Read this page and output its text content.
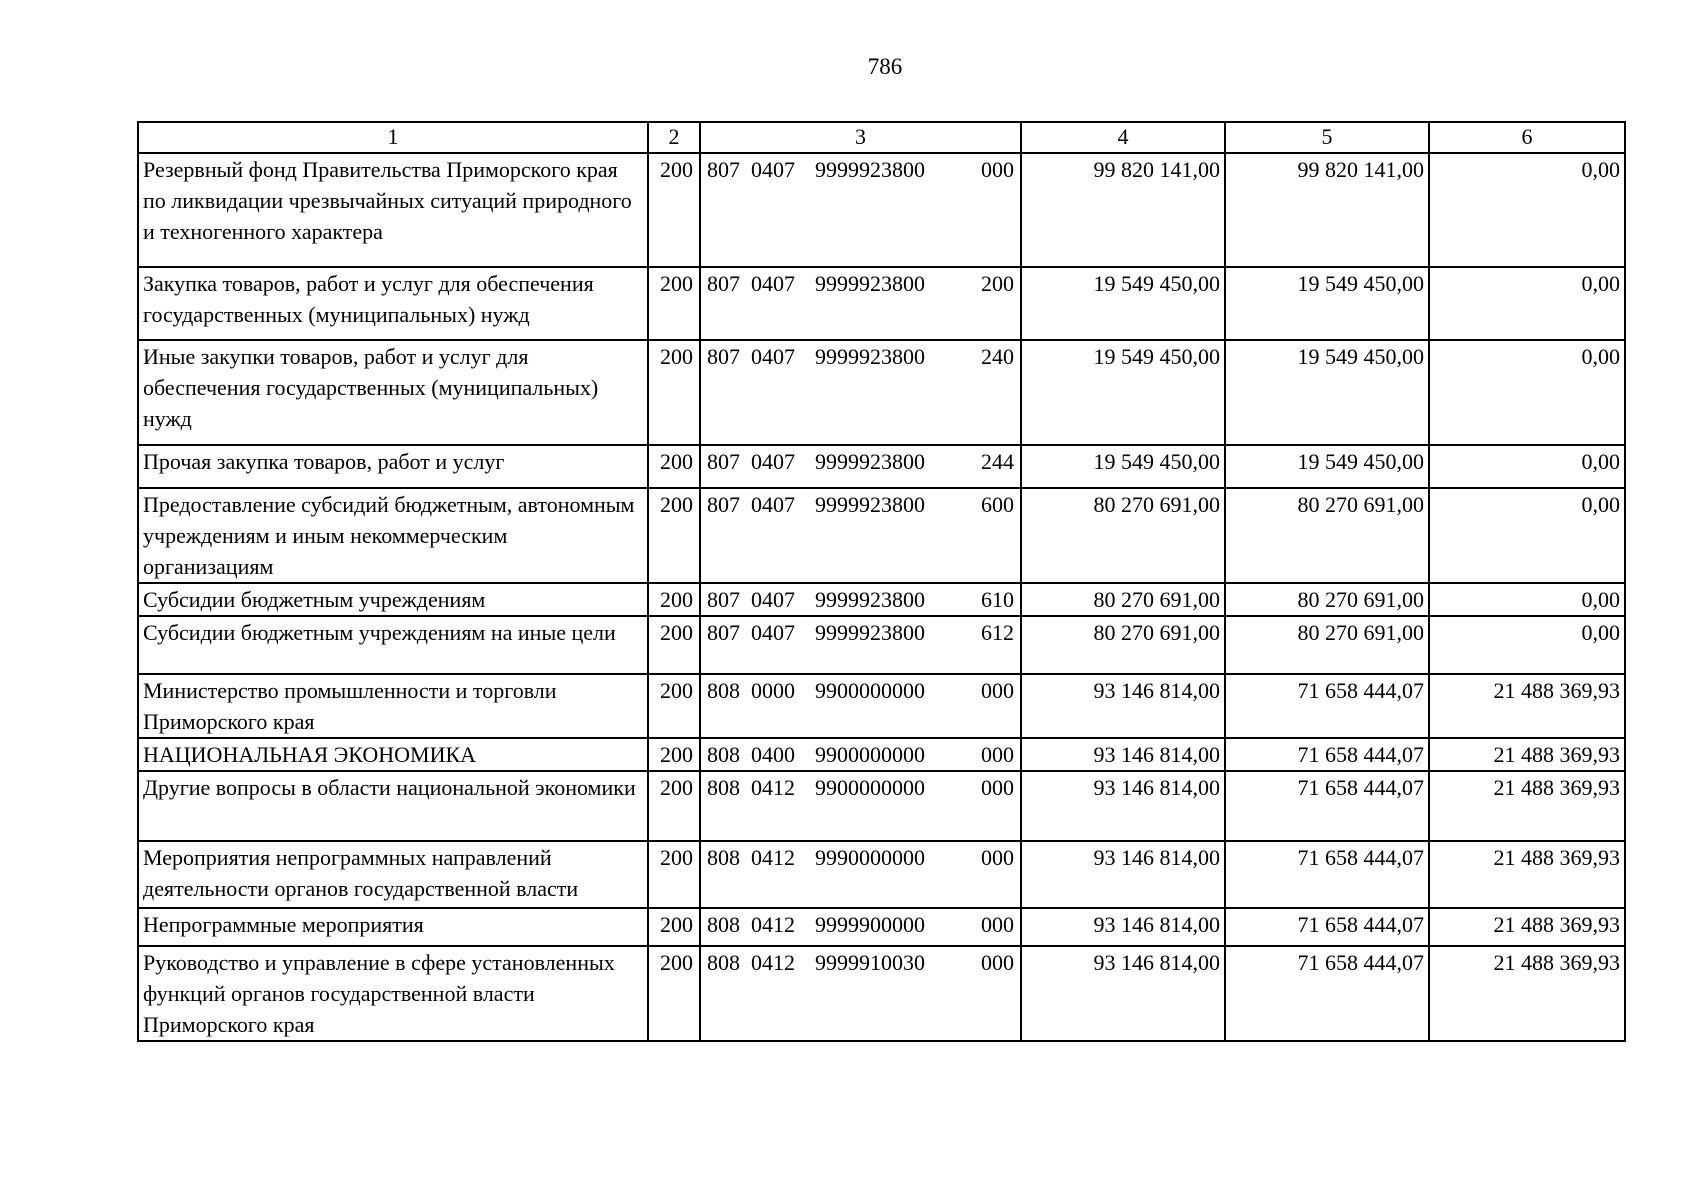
786
1	2	3	4	5	6
Резервный фонд Правительства Приморского края по ликвидации чрезвычайных ситуаций природного и техногенного характера	200	807 0407 9999923800 000	99 820 141,00	99 820 141,00	0,00
Закупка товаров, работ и услуг для обеспечения государственных (муниципальных) нужд	200	807 0407 9999923800 200	19 549 450,00	19 549 450,00	0,00
Иные закупки товаров, работ и услуг для обеспечения государственных (муниципальных) нужд	200	807 0407 9999923800 240	19 549 450,00	19 549 450,00	0,00
Прочая закупка товаров, работ и услуг	200	807 0407 9999923800 244	19 549 450,00	19 549 450,00	0,00
Предоставление субсидий бюджетным, автономным учреждениям и иным некоммерческим организациям	200	807 0407 9999923800 600	80 270 691,00	80 270 691,00	0,00
Субсидии бюджетным учреждениям	200	807 0407 9999923800 610	80 270 691,00	80 270 691,00	0,00
Субсидии бюджетным учреждениям на иные цели	200	807 0407 9999923800 612	80 270 691,00	80 270 691,00	0,00
Министерство промышленности и торговли Приморского края	200	808 0000 9900000000 000	93 146 814,00	71 658 444,07	21 488 369,93
НАЦИОНАЛЬНАЯ ЭКОНОМИКА	200	808 0400 9900000000 000	93 146 814,00	71 658 444,07	21 488 369,93
Другие вопросы в области национальной экономики	200	808 0412 9900000000 000	93 146 814,00	71 658 444,07	21 488 369,93
Мероприятия непрограммных направлений деятельности органов государственной власти	200	808 0412 9990000000 000	93 146 814,00	71 658 444,07	21 488 369,93
Непрограммные мероприятия	200	808 0412 9999900000 000	93 146 814,00	71 658 444,07	21 488 369,93
Руководство и управление в сфере установленных функций органов государственной власти Приморского края	200	808 0412 9999910030 000	93 146 814,00	71 658 444,07	21 488 369,93
